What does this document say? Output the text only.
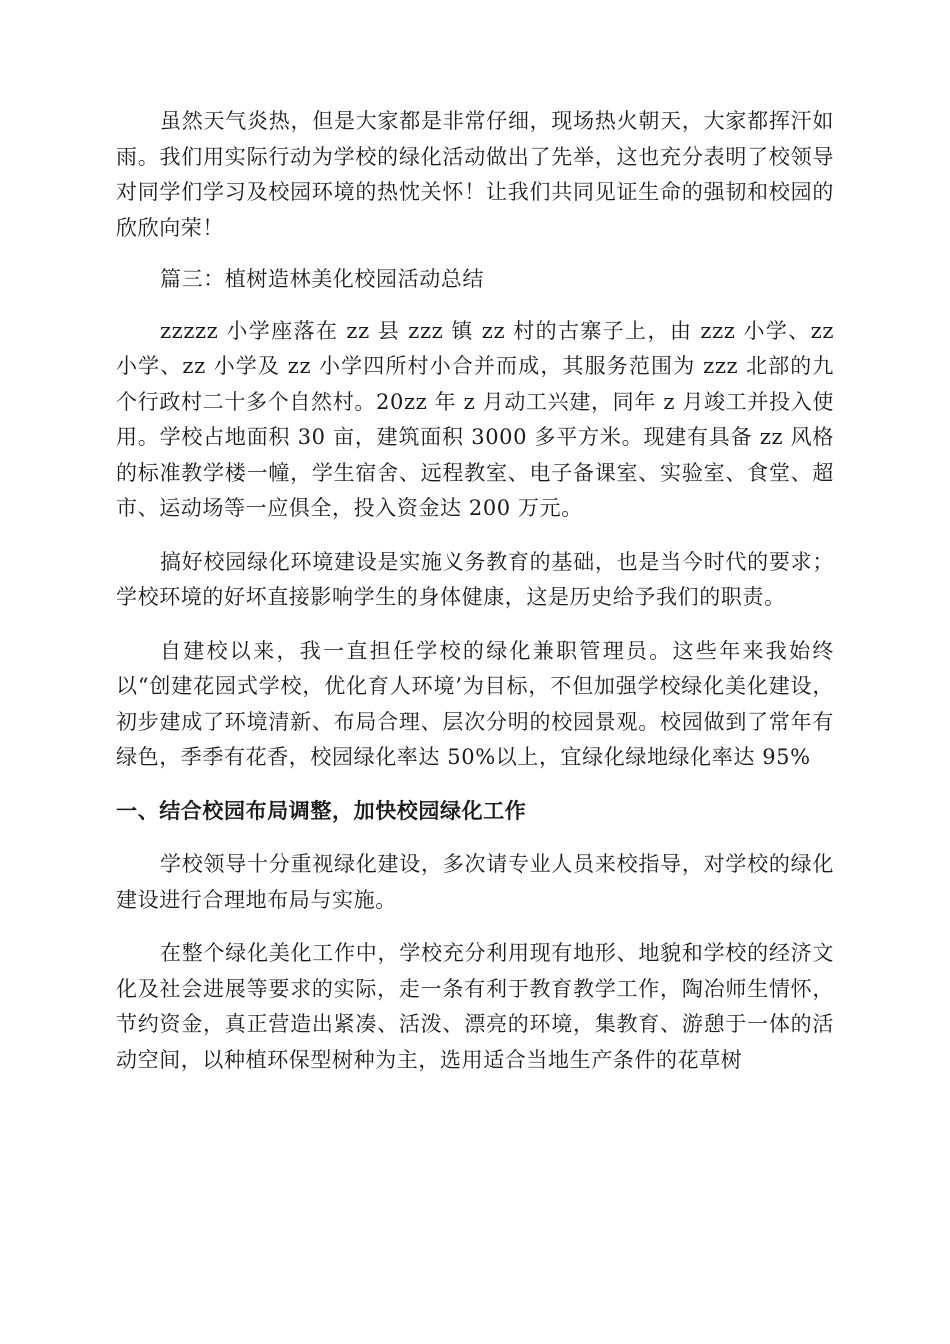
虽然天气炎热，但是大家都是非常仔细，现场热火朝天，大家都挥汗如雨。我们用实际行动为学校的绿化活动做出了先举，这也充分表明了校领导对同学们学习及校园环境的热忱关怀！让我们共同见证生命的强韧和校园的欣欣向荣！

篇三：植树造林美化校园活动总结

zzzzz 小学座落在 zz 县 zzz 镇 zz 村的古寨子上，由 zzz 小学、zz 小学、zz 小学及 zz 小学四所村小合并而成，其服务范围为 zzz 北部的九个行政村二十多个自然村。20zz 年 z 月动工兴建，同年 z 月竣工并投入使用。学校占地面积 30 亩，建筑面积 3000 多平方米。现建有具备 zz 风格的标准教学楼一幢，学生宿舍、远程教室、电子备课室、实验室、食堂、超市、运动场等一应俱全，投入资金达 200 万元。

搞好校园绿化环境建设是实施义务教育的基础，也是当今时代的要求；学校环境的好坏直接影响学生的身体健康，这是历史给予我们的职责。

自建校以来，我一直担任学校的绿化兼职管理员。这些年来我始终以“创建花园式学校，优化育人环境’为目标，不但加强学校绿化美化建设，初步建成了环境清新、布局合理、层次分明的校园景观。校园做到了常年有绿色，季季有花香，校园绿化率达 50%以上，宜绿化绿地绿化率达 95%

一、结合校园布局调整，加快校园绿化工作

学校领导十分重视绿化建设，多次请专业人员来校指导，对学校的绿化建设进行合理地布局与实施。

在整个绿化美化工作中，学校充分利用现有地形、地貌和学校的经济文化及社会进展等要求的实际，走一条有利于教育教学工作，陶冶师生情怀，节约资金，真正营造出紧凑、活泼、漂亮的环境，集教育、游憩于一体的活动空间，以种植环保型树种为主，选用适合当地生产条件的花草树
